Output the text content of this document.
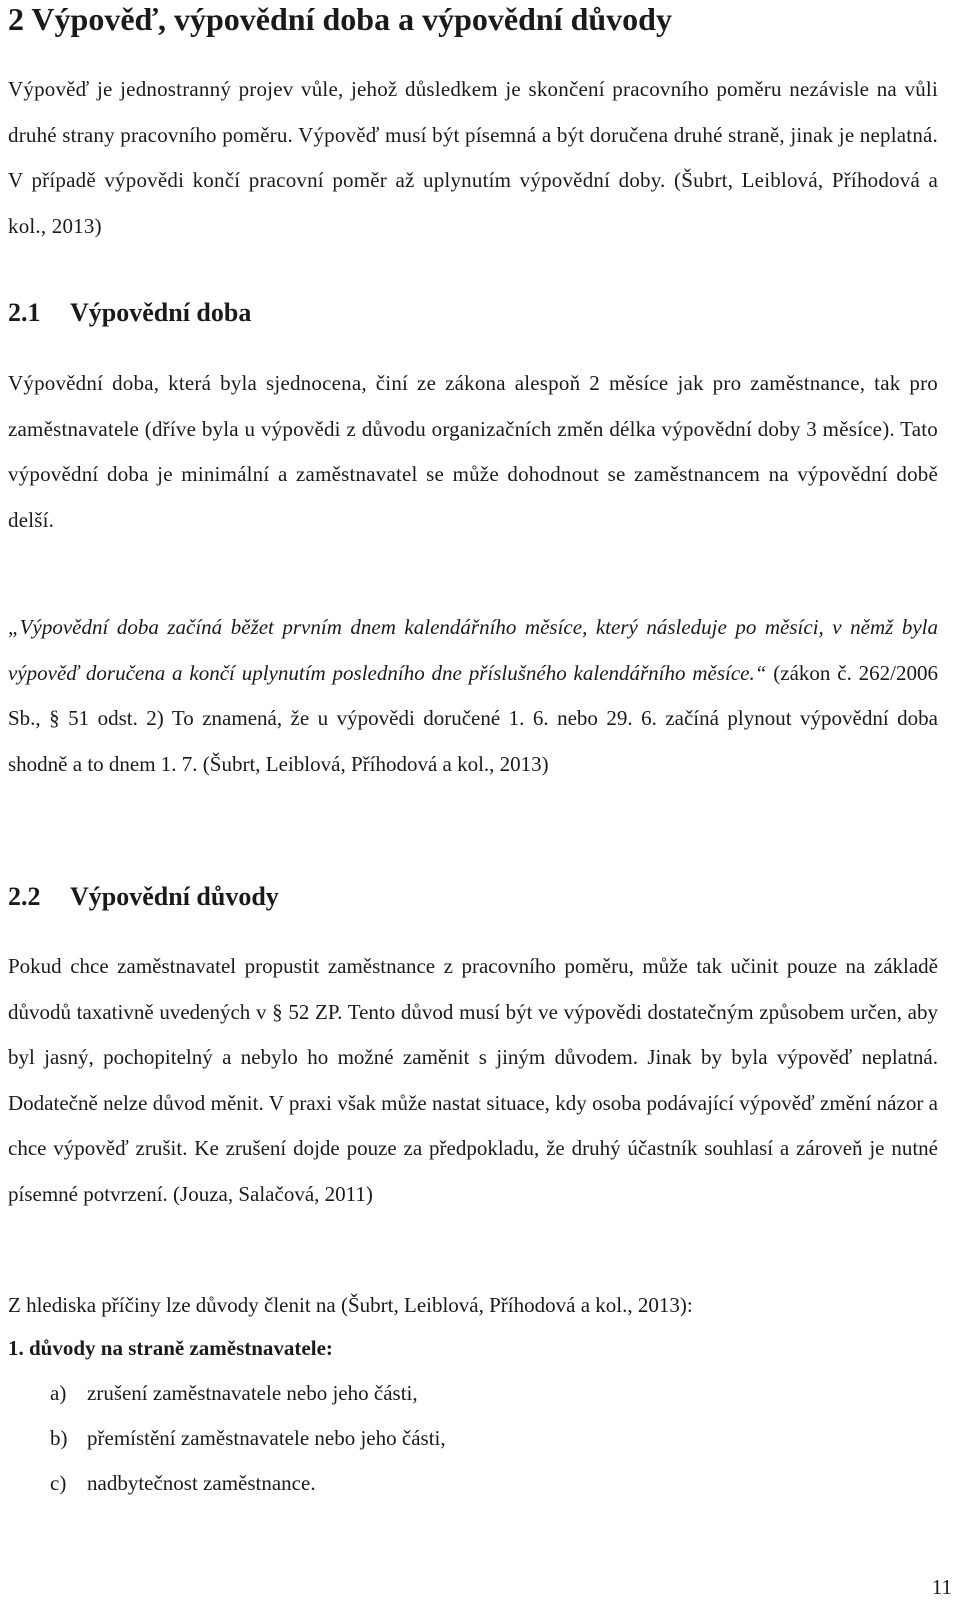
2 Výpověď, výpovědní doba a výpovědní důvody

Výpověď je jednostranný projev vůle, jehož důsledkem je skončení pracovního poměru nezávisle na vůli druhé strany pracovního poměru. Výpověď musí být písemná a být doručena druhé straně, jinak je neplatná. V případě výpovědi končí pracovní poměr až uplynutím výpovědní doby. (Šubrt, Leiblová, Příhodová a kol., 2013)

2.1 Výpovědní doba

Výpovědní doba, která byla sjednocena, činí ze zákona alespoň 2 měsíce jak pro zaměstnance, tak pro zaměstnavatele (dříve byla u výpovědi z důvodu organizačních změn délka výpovědní doby 3 měsíce). Tato výpovědní doba je minimální a zaměstnavatel se může dohodnout se zaměstnancem na výpovědní době delší.

„Výpovědní doba začíná běžet prvním dnem kalendářního měsíce, který následuje po měsíci, v němž byla výpověď doručena a končí uplynutím posledního dne příslušného kalendářního měsíce.“ (zákon č. 262/2006 Sb., § 51 odst. 2) To znamená, že u výpovědi doručené 1. 6. nebo 29. 6. začíná plynout výpovědní doba shodně a to dnem 1. 7. (Šubrt, Leiblová, Příhodová a kol., 2013)

2.2 Výpovědní důvody

Pokud chce zaměstnavatel propustit zaměstnance z pracovního poměru, může tak učinit pouze na základě důvodů taxativně uvedených v § 52 ZP. Tento důvod musí být ve výpovědi dostatečným způsobem určen, aby byl jasný, pochopitelný a nebylo ho možné zaměnit s jiným důvodem. Jinak by byla výpověď neplatná. Dodatečně nelze důvod měnit. V praxi však může nastat situace, kdy osoba podávající výpověď změní názor a chce výpověď zrušit. Ke zrušení dojde pouze za předpokladu, že druhý účastník souhlasí a zároveň je nutné písemné potvrzení. (Jouza, Salačová, 2011)

Z hlediska příčiny lze důvody členit na (Šubrt, Leiblová, Příhodová a kol., 2013):

1. důvody na straně zaměstnavatele:

a) zrušení zaměstnavatele nebo jeho části,

b) přemístění zaměstnavatele nebo jeho části,

c) nadbytečnost zaměstnance.

11
